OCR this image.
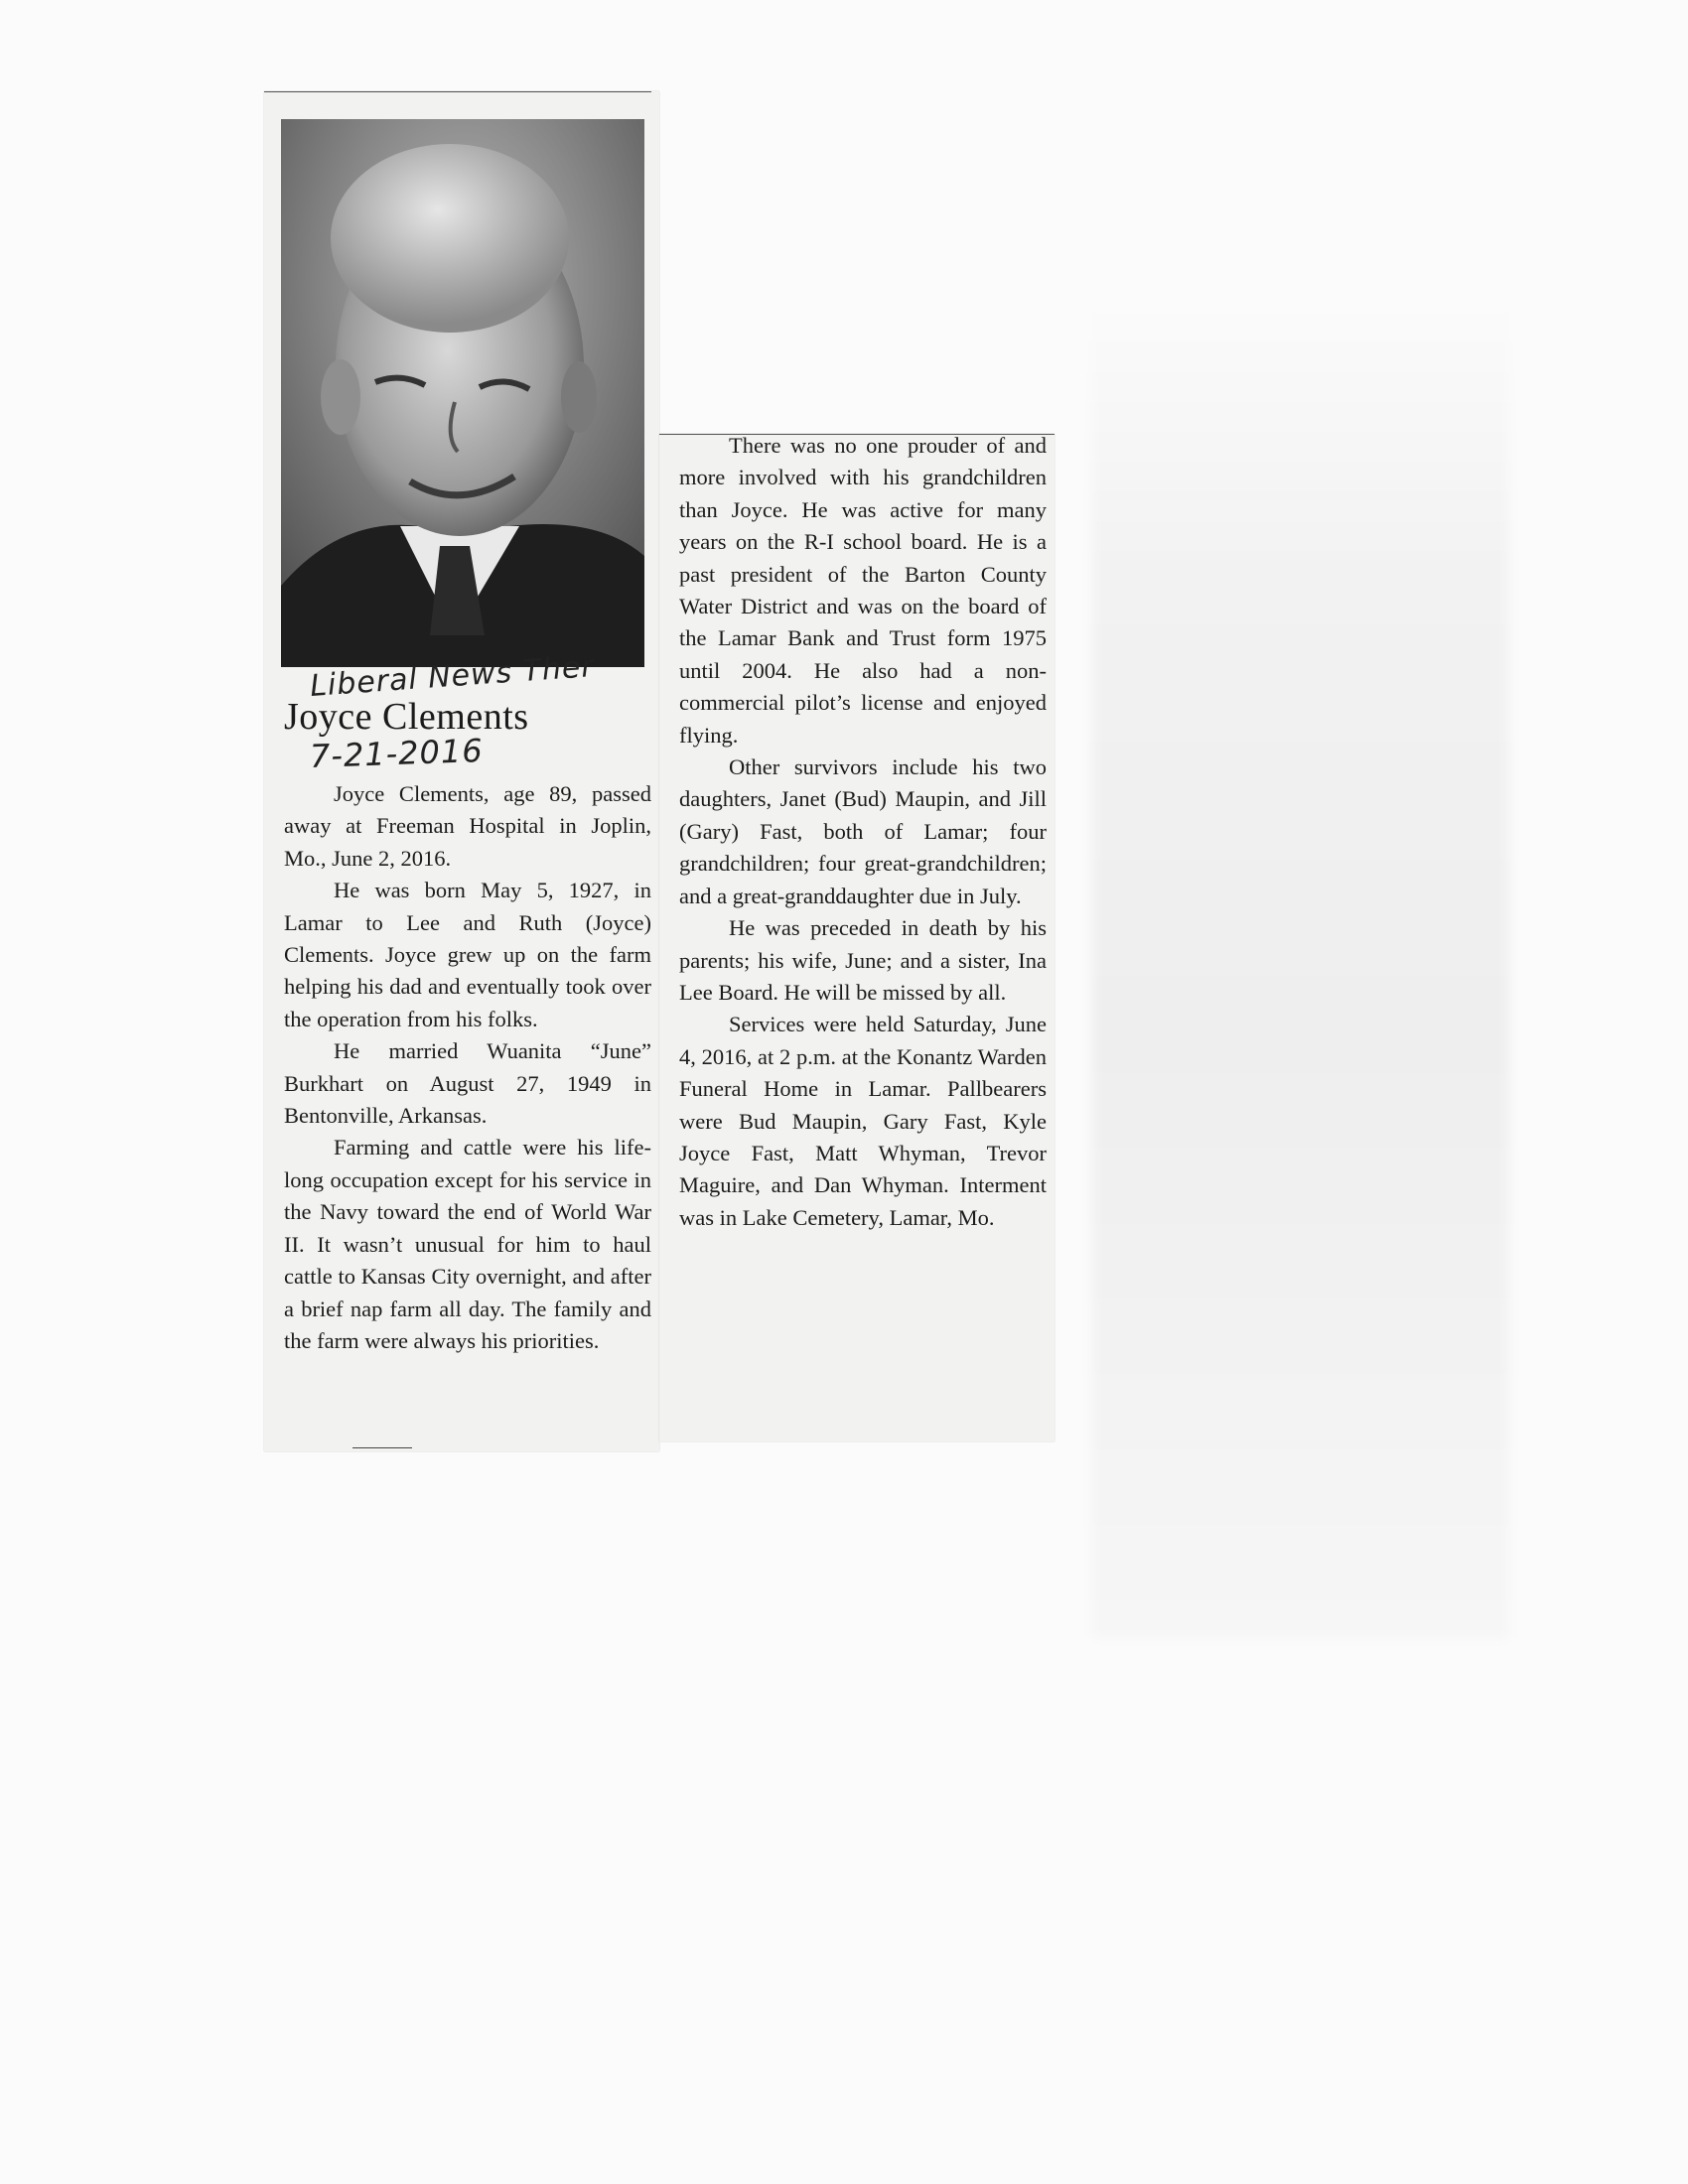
Liberal News Ther
Joyce Clements
7-21-2016

Joyce Clements, age 89, passed away at Freeman Hospital in Joplin, Mo., June 2, 2016.

He was born May 5, 1927, in Lamar to Lee and Ruth (Joyce) Clements. Joyce grew up on the farm helping his dad and eventually took over the operation from his folks.

He married Wuanita “June” Burkhart on August 27, 1949 in Bentonville, Arkansas.

Farming and cattle were his life-long occupation except for his service in the Navy toward the end of World War II. It wasn’t unusual for him to haul cattle to Kansas City overnight, and after a brief nap farm all day. The family and the farm were always his priorities.

There was no one prouder of and more involved with his grandchildren than Joyce. He was active for many years on the R-I school board. He is a past president of the Barton County Water District and was on the board of the Lamar Bank and Trust form 1975 until 2004. He also had a non-commercial pilot’s license and enjoyed flying.

Other survivors include his two daughters, Janet (Bud) Maupin, and Jill (Gary) Fast, both of Lamar; four grandchildren; four great-grandchildren; and a great-granddaughter due in July.

He was preceded in death by his parents; his wife, June; and a sister, Ina Lee Board. He will be missed by all.

Services were held Saturday, June 4, 2016, at 2 p.m. at the Konantz Warden Funeral Home in Lamar. Pallbearers were Bud Maupin, Gary Fast, Kyle Joyce Fast, Matt Whyman, Trevor Maguire, and Dan Whyman. Interment was in Lake Cemetery, Lamar, Mo.
